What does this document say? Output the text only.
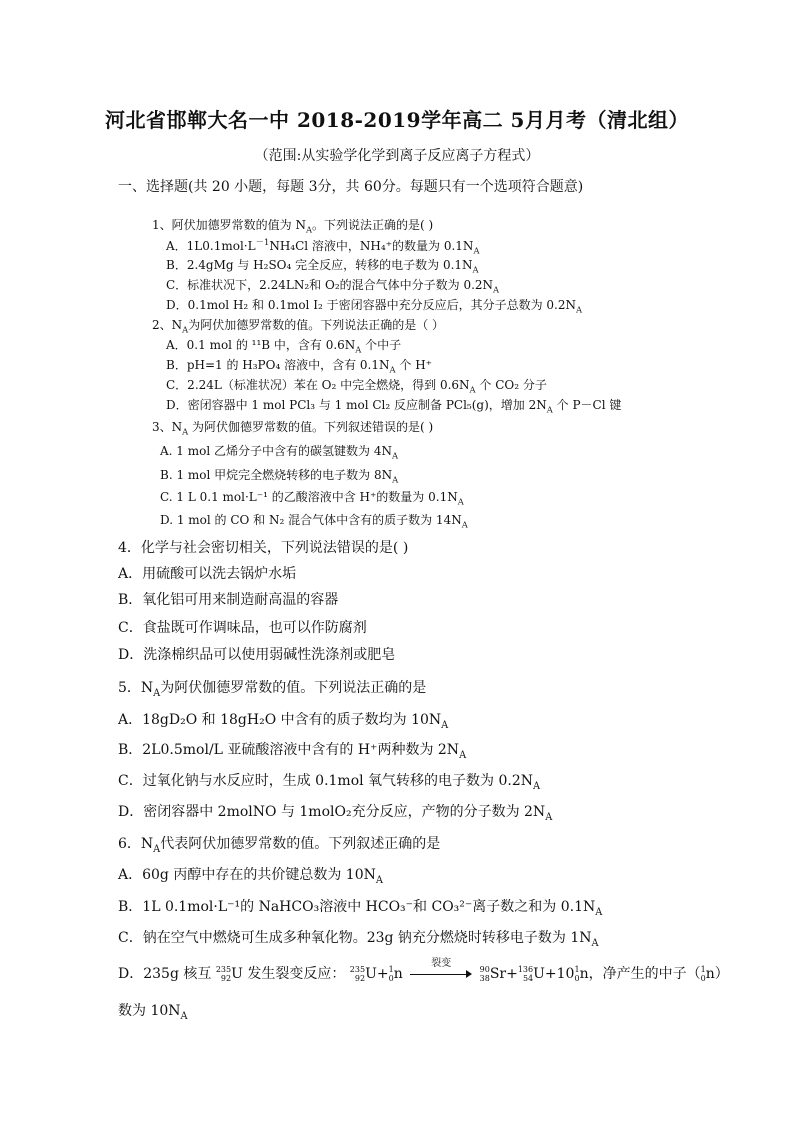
河北省邯郸大名一中 2018-2019学年高二 5月月考（清北组）
（范围:从实验学化学到离子反应离子方程式）
一、选择题(共 20 小题，每题 3分，共 60分。每题只有一个选项符合题意)
1、阿伏加德罗常数的值为 $N_A$。下列说法正确的是( )
A．$1L0.1mol\cdot L^{-1}NH_4Cl$ 溶液中，NH₄⁺的数量为 $0.1N_A$
B．2.4gMg 与 H₂SO₄ 完全反应，转移的电子数为 $0.1N_A$
C．标准状况下，2.24LN₂和 O₂的混合气体中分子数为 $0.2N_A$
D．0.1mol H₂ 和 0.1mol I₂ 于密闭容器中充分反应后，其分子总数为 $0.2N_A$
2、$N_A$为阿伏加德罗常数的值。下列说法正确的是（ ）
A．0.1 mol 的 ¹¹B 中，含有 $0.6N_A$ 个中子
B．pH=1 的 H₃PO₄ 溶液中，含有 $0.1N_A$ 个 H⁺
C．2.24L（标准状况）苯在 O₂ 中完全燃烧，得到 $0.6N_A$ 个 CO₂ 分子
D．密闭容器中 1 mol PCl₃ 与 1 mol Cl₂ 反应制备 PCl₅(g)，增加 $2N_A$ 个 P－Cl 键
3、$N_A$ 为阿伏伽德罗常数的值。下列叙述错误的是( )
A. 1 mol 乙烯分子中含有的碳氢键数为 $4N_A$
B. 1 mol 甲烷完全燃烧转移的电子数为 $8N_A$
C. 1 L 0.1 mol·L⁻¹ 的乙酸溶液中含 H⁺的数量为 $0.1N_A$
D. 1 mol 的 CO 和 N₂ 混合气体中含有的质子数为 $14N_A$
4．化学与社会密切相关，下列说法错误的是( )
A．用硫酸可以洗去锅炉水垢
B．氧化铝可用来制造耐高温的容器
C．食盐既可作调味品，也可以作防腐剂
D．洗涤棉织品可以使用弱碱性洗涤剂或肥皂
5．$N_A$为阿伏伽德罗常数的值。下列说法正确的是
A．18gD₂O 和 18gH₂O 中含有的质子数均为 $10N_A$
B．2L0.5mol/L 亚硫酸溶液中含有的 H⁺两种数为 $2N_A$
C．过氧化钠与水反应时，生成 0.1mol 氧气转移的电子数为 $0.2N_A$
D．密闭容器中 2molNO 与 1molO₂充分反应，产物的分子数为 $2N_A$
6．$N_A$代表阿伏加德罗常数的值。下列叙述正确的是
A．60g 丙醇中存在的共价键总数为 $10N_A$
B．1L 0.1mol·L⁻¹的 NaHCO₃溶液中 HCO₃⁻和 CO₃²⁻离子数之和为 $0.1N_A$
C．钠在空气中燃烧可生成多种氧化物。23g 钠充分燃烧时转移电子数为 $1N_A$
D．235g 核互 235
92 U 发生裂变反应： 235
92 U+ 1
0 n
裂变

90
38 Sr+ 136
54 U+10 1
0 n，净产生的中子（ 1
0 n）
数为 $10N_A$
